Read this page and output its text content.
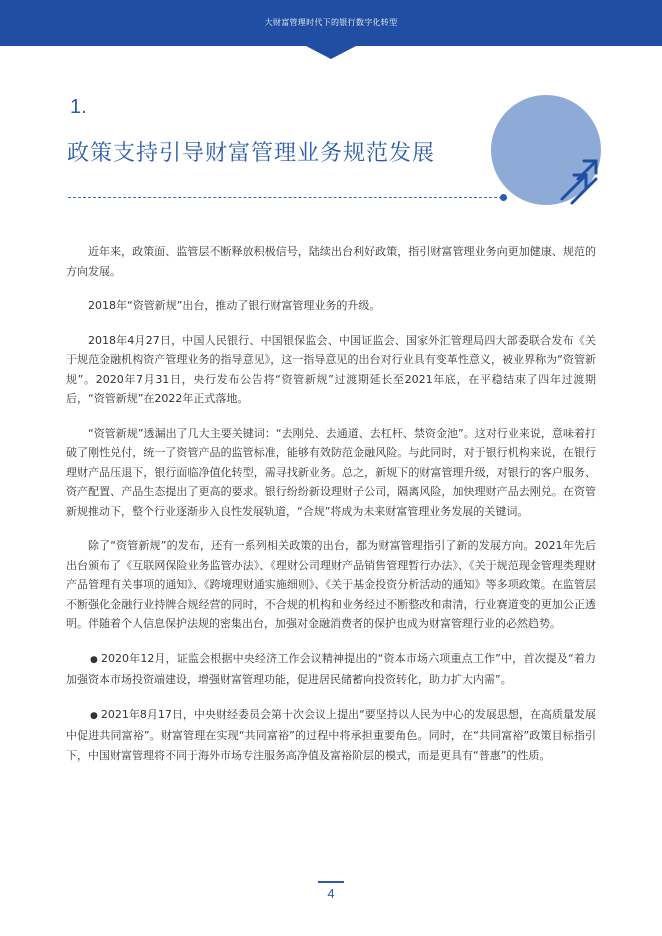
大财富管理时代下的银行数字化转型
1.
政策支持引导财富管理业务规范发展

近年来，政策面、监管层不断释放积极信号，陆续出台利好政策，指引财富管理业务向更加健康、规范的方向发展。

2018年“资管新规”出台，推动了银行财富管理业务的升级。

2018年4月27日，中国人民银行、中国银保监会、中国证监会、国家外汇管理局四大部委联合发布《关于规范金融机构资产管理业务的指导意见》，这一指导意见的出台对行业具有变革性意义，被业界称为“资管新规”。2020年7月31日，央行发布公告将“资管新规”过渡期延长至2021年底，在平稳结束了四年过渡期后，“资管新规”在2022年正式落地。

“资管新规”透漏出了几大主要关键词：“去刚兑、去通道、去杠杆、禁资金池”。这对行业来说，意味着打破了刚性兑付，统一了资管产品的监管标准，能够有效防范金融风险。与此同时，对于银行机构来说，在银行理财产品压退下，银行面临净值化转型，需寻找新业务。总之，新规下的财富管理升级，对银行的客户服务、资产配置、产品生态提出了更高的要求。银行纷纷新设理财子公司，隔离风险，加快理财产品去刚兑。在资管新规推动下，整个行业逐渐步入良性发展轨道，“合规”将成为未来财富管理业务发展的关键词。

除了“资管新规”的发布，还有一系列相关政策的出台，都为财富管理指引了新的发展方向。2021年先后出台颁布了《互联网保险业务监管办法》、《理财公司理财产品销售管理暂行办法》、《关于规范现金管理类理财产品管理有关事项的通知》、《跨境理财通实施细则》、《关于基金投资分析活动的通知》等多项政策。在监管层不断强化金融行业持牌合规经营的同时，不合规的机构和业务经过不断整改和肃清，行业赛道变的更加公正透明。伴随着个人信息保护法规的密集出台，加强对金融消费者的保护也成为财富管理行业的必然趋势。

● 2020年12月，证监会根据中央经济工作会议精神提出的“资本市场六项重点工作”中，首次提及“着力加强资本市场投资端建设，增强财富管理功能，促进居民储蓄向投资转化，助力扩大内需”。

● 2021年8月17日，中央财经委员会第十次会议上提出“要坚持以人民为中心的发展思想，在高质量发展中促进共同富裕”。财富管理在实现“共同富裕”的过程中将承担重要角色。同时，在“共同富裕”政策目标指引下，中国财富管理将不同于海外市场专注服务高净值及富裕阶层的模式，而是更具有“普惠”的性质。

4
